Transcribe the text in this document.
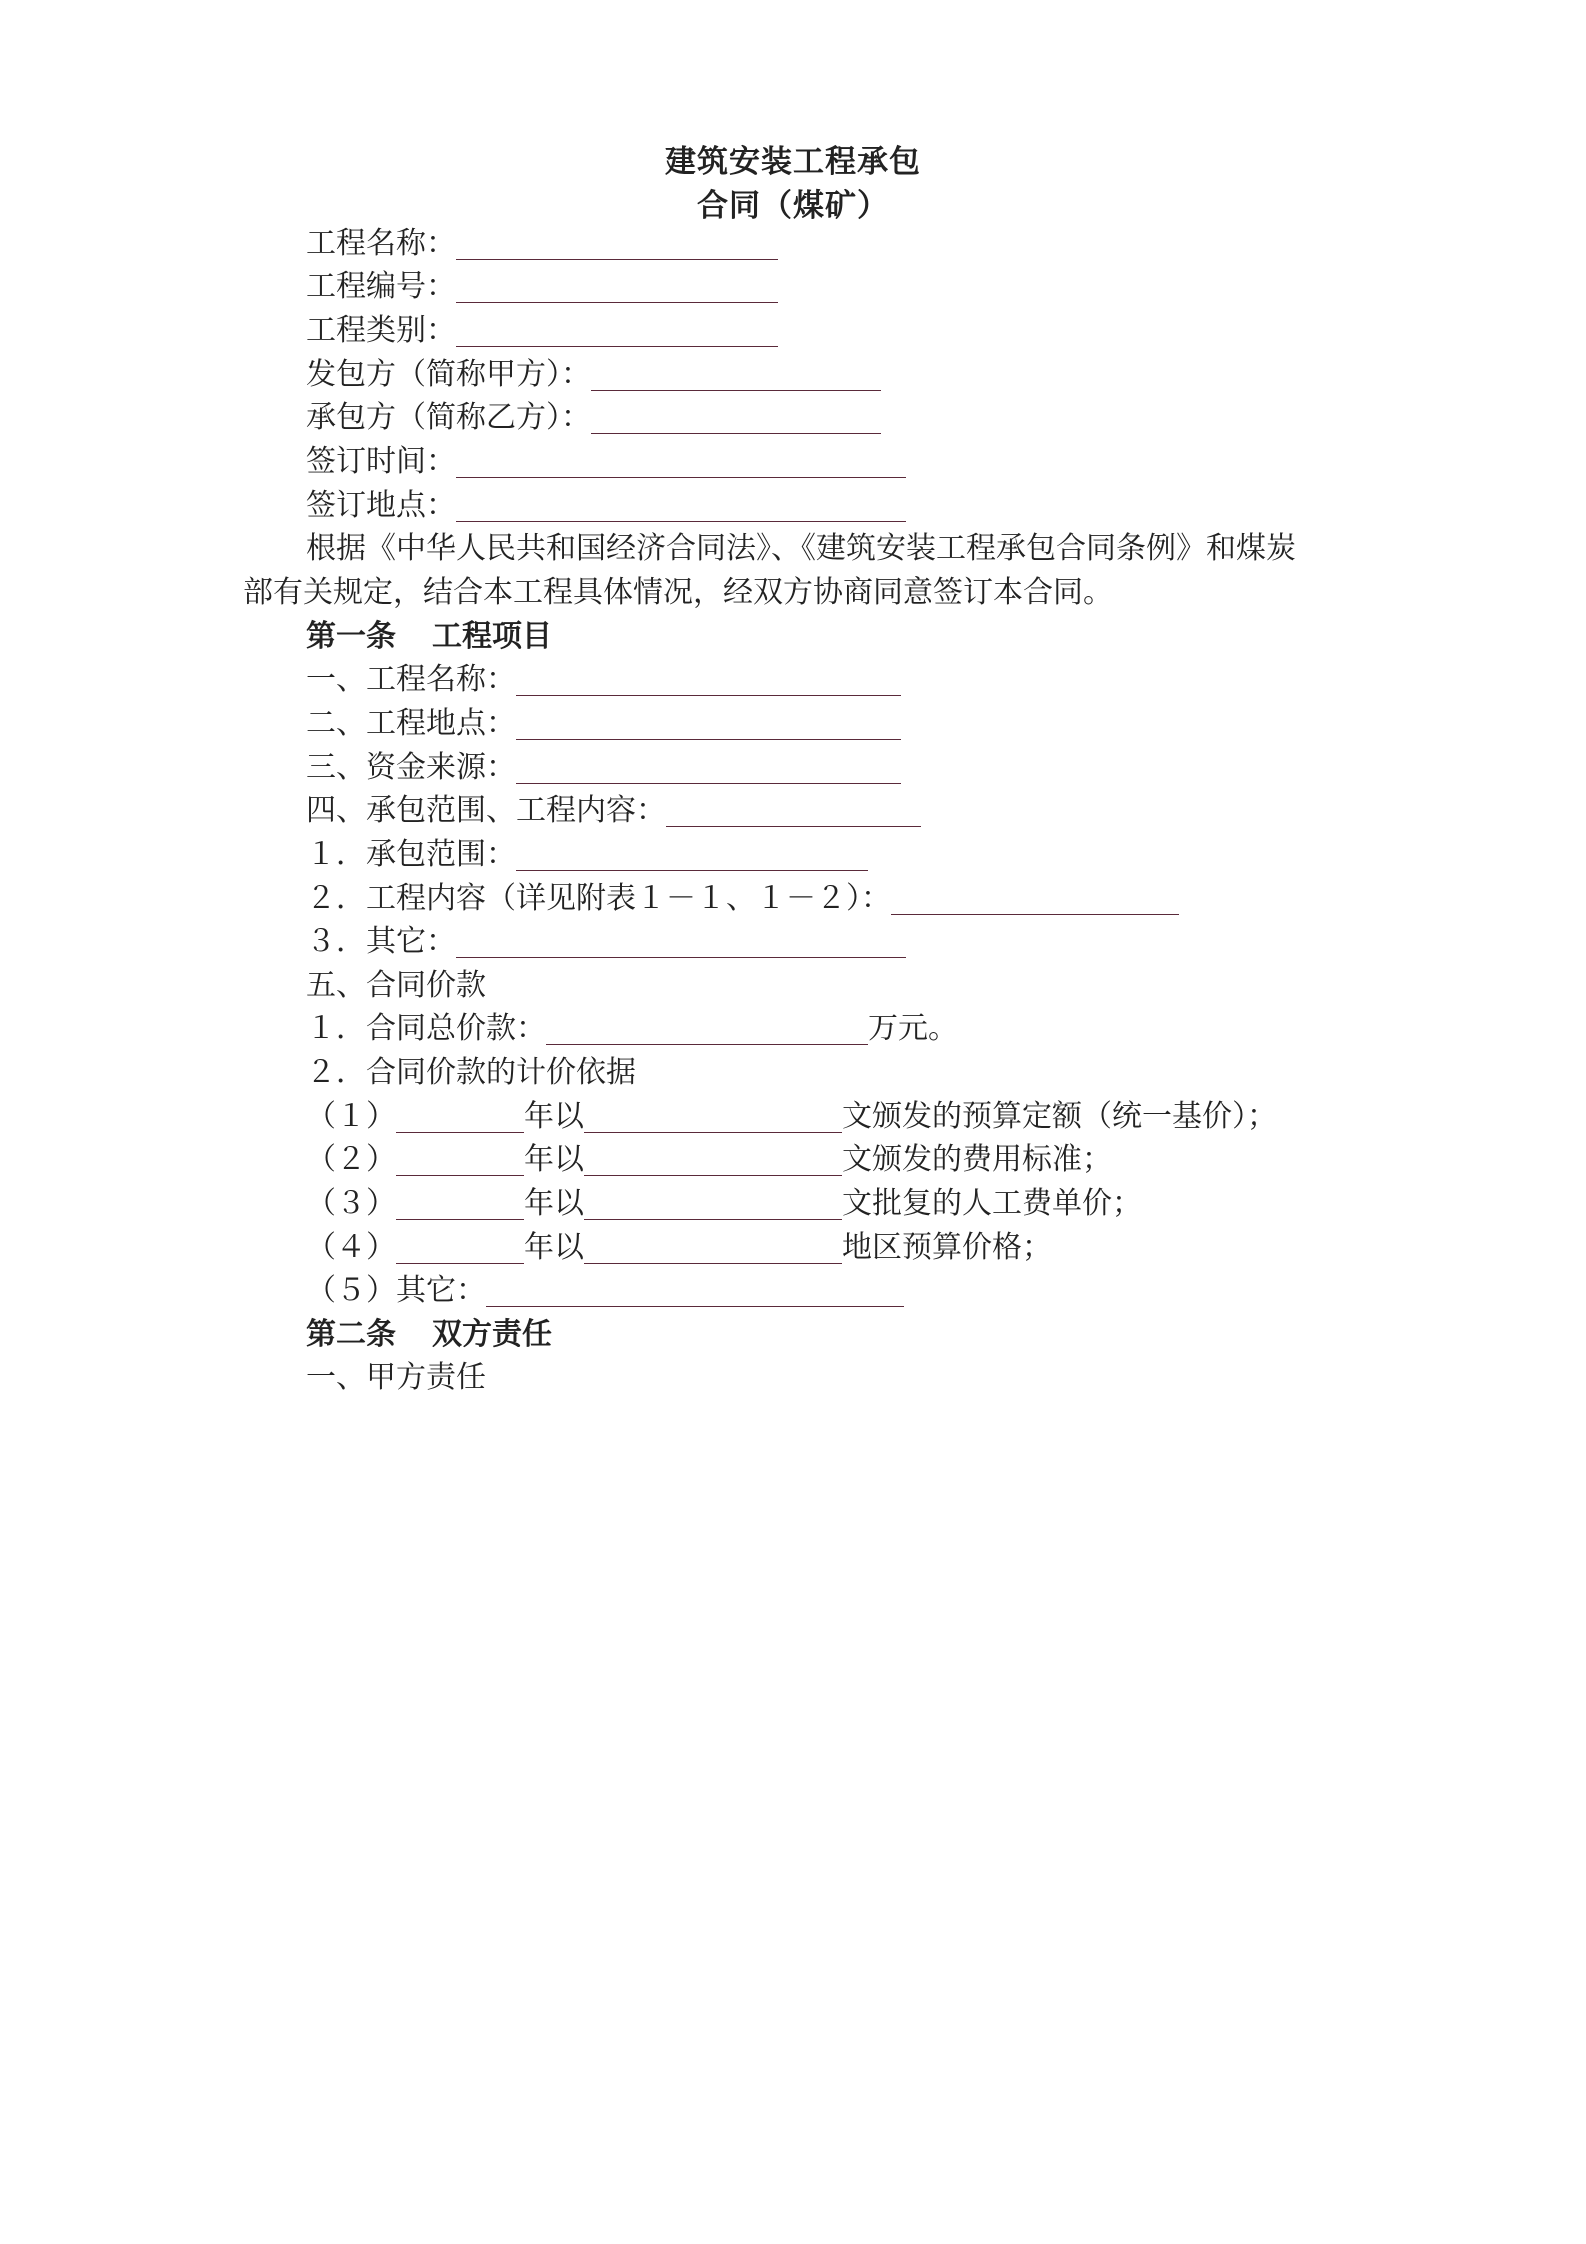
建筑安装工程承包
合同（煤矿）
工程名称：
工程编号：
工程类别：
发包方（简称甲方）：
承包方（简称乙方）：
签订时间：
签订地点：
根据《中华人民共和国经济合同法》、《建筑安装工程承包合同条例》和煤炭
部有关规定，结合本工程具体情况，经双方协商同意签订本合同。
第一条 工程项目
一、工程名称：
二、工程地点：
三、资金来源：
四、承包范围、工程内容：
１．承包范围：
２．工程内容（详见附表１－１、１－２）：
３．其它：
五、合同价款
１．合同总价款：	万元。
２．合同价款的计价依据
（１）	年以	文颁发的预算定额（统一基价）；
（２）	年以	文颁发的费用标准；
（３）	年以	文批复的人工费单价；
（４）	年以	地区预算价格；
（５）其它：
第二条 双方责任
一、甲方责任
